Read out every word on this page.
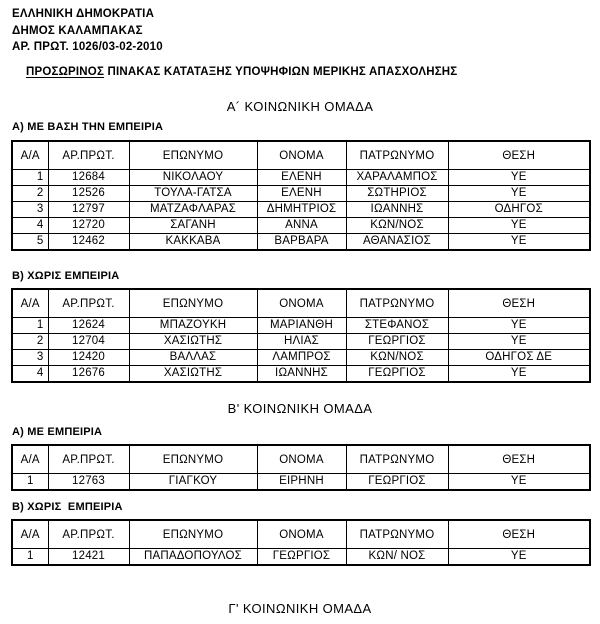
ΕΛΛΗΝΙΚΗ ΔΗΜΟΚΡΑΤΙΑ
ΔΗΜΟΣ ΚΑΛΑΜΠΑΚΑΣ
ΑΡ. ΠΡΩΤ. 1026/03-02-2010
ΠΡΟΣΩΡΙΝΟΣ ΠΙΝΑΚΑΣ ΚΑΤΑΤΑΞΗΣ ΥΠΟΨΗΦΙΩΝ ΜΕΡΙΚΗΣ ΑΠΑΣΧΟΛΗΣΗΣ
Α´ ΚΟΙΝΩΝΙΚΗ ΟΜΑΔΑ
Α) ΜΕ ΒΑΣΗ ΤΗΝ ΕΜΠΕΙΡΙΑ
Α/Α	ΑΡ.ΠΡΩΤ.	ΕΠΩΝΥΜΟ	ΟΝΟΜΑ	ΠΑΤΡΩΝΥΜΟ	ΘΕΣΗ
1	12684	ΝΙΚΟΛΑΟΥ	ΕΛΕΝΗ	ΧΑΡΑΛΑΜΠΟΣ	ΥΕ
2	12526	ΤΟΥΛΑ-ΓΑΤΣΑ	ΕΛΕΝΗ	ΣΩΤΗΡΙΟΣ	ΥΕ
3	12797	ΜΑΤΖΑΦΛΑΡΑΣ	ΔΗΜΗΤΡΙΟΣ	ΙΩΑΝΝΗΣ	ΟΔΗΓΟΣ
4	12720	ΣΑΓΑΝΗ	ΑΝΝΑ	ΚΩΝ/ΝΟΣ	ΥΕ
5	12462	ΚΑΚΚΑΒΑ	ΒΑΡΒΑΡΑ	ΑΘΑΝΑΣΙΟΣ	ΥΕ
Β) ΧΩΡΙΣ ΕΜΠΕΙΡΙΑ
Α/Α	ΑΡ.ΠΡΩΤ.	ΕΠΩΝΥΜΟ	ΟΝΟΜΑ	ΠΑΤΡΩΝΥΜΟ	ΘΕΣΗ
1	12624	ΜΠΑΖΟΥΚΗ	ΜΑΡΙΑΝΘΗ	ΣΤΕΦΑΝΟΣ	ΥΕ
2	12704	ΧΑΣΙΩΤΗΣ	ΗΛΙΑΣ	ΓΕΩΡΓΙΟΣ	ΥΕ
3	12420	ΒΑΛΛΑΣ	ΛΑΜΠΡΟΣ	ΚΩΝ/ΝΟΣ	ΟΔΗΓΟΣ ΔΕ
4	12676	ΧΑΣΙΩΤΗΣ	ΙΩΑΝΝΗΣ	ΓΕΩΡΓΙΟΣ	ΥΕ
Β' ΚΟΙΝΩΝΙΚΗ ΟΜΑΔΑ
Α) ΜΕ ΕΜΠΕΙΡΙΑ
Α/Α	ΑΡ.ΠΡΩΤ.	ΕΠΩΝΥΜΟ	ΟΝΟΜΑ	ΠΑΤΡΩΝΥΜΟ	ΘΕΣΗ
1	12763	ΓΙΑΓΚΟΥ	ΕΙΡΗΝΗ	ΓΕΩΡΓΙΟΣ	ΥΕ
Β) ΧΩΡΙΣ  ΕΜΠΕΙΡΙΑ
Α/Α	ΑΡ.ΠΡΩΤ.	ΕΠΩΝΥΜΟ	ΟΝΟΜΑ	ΠΑΤΡΩΝΥΜΟ	ΘΕΣΗ
1	12421	ΠΑΠΑΔΟΠΟΥΛΟΣ	ΓΕΩΡΓΙΟΣ	ΚΩΝ/ ΝΟΣ	ΥΕ
Γ' ΚΟΙΝΩΝΙΚΗ ΟΜΑΔΑ
